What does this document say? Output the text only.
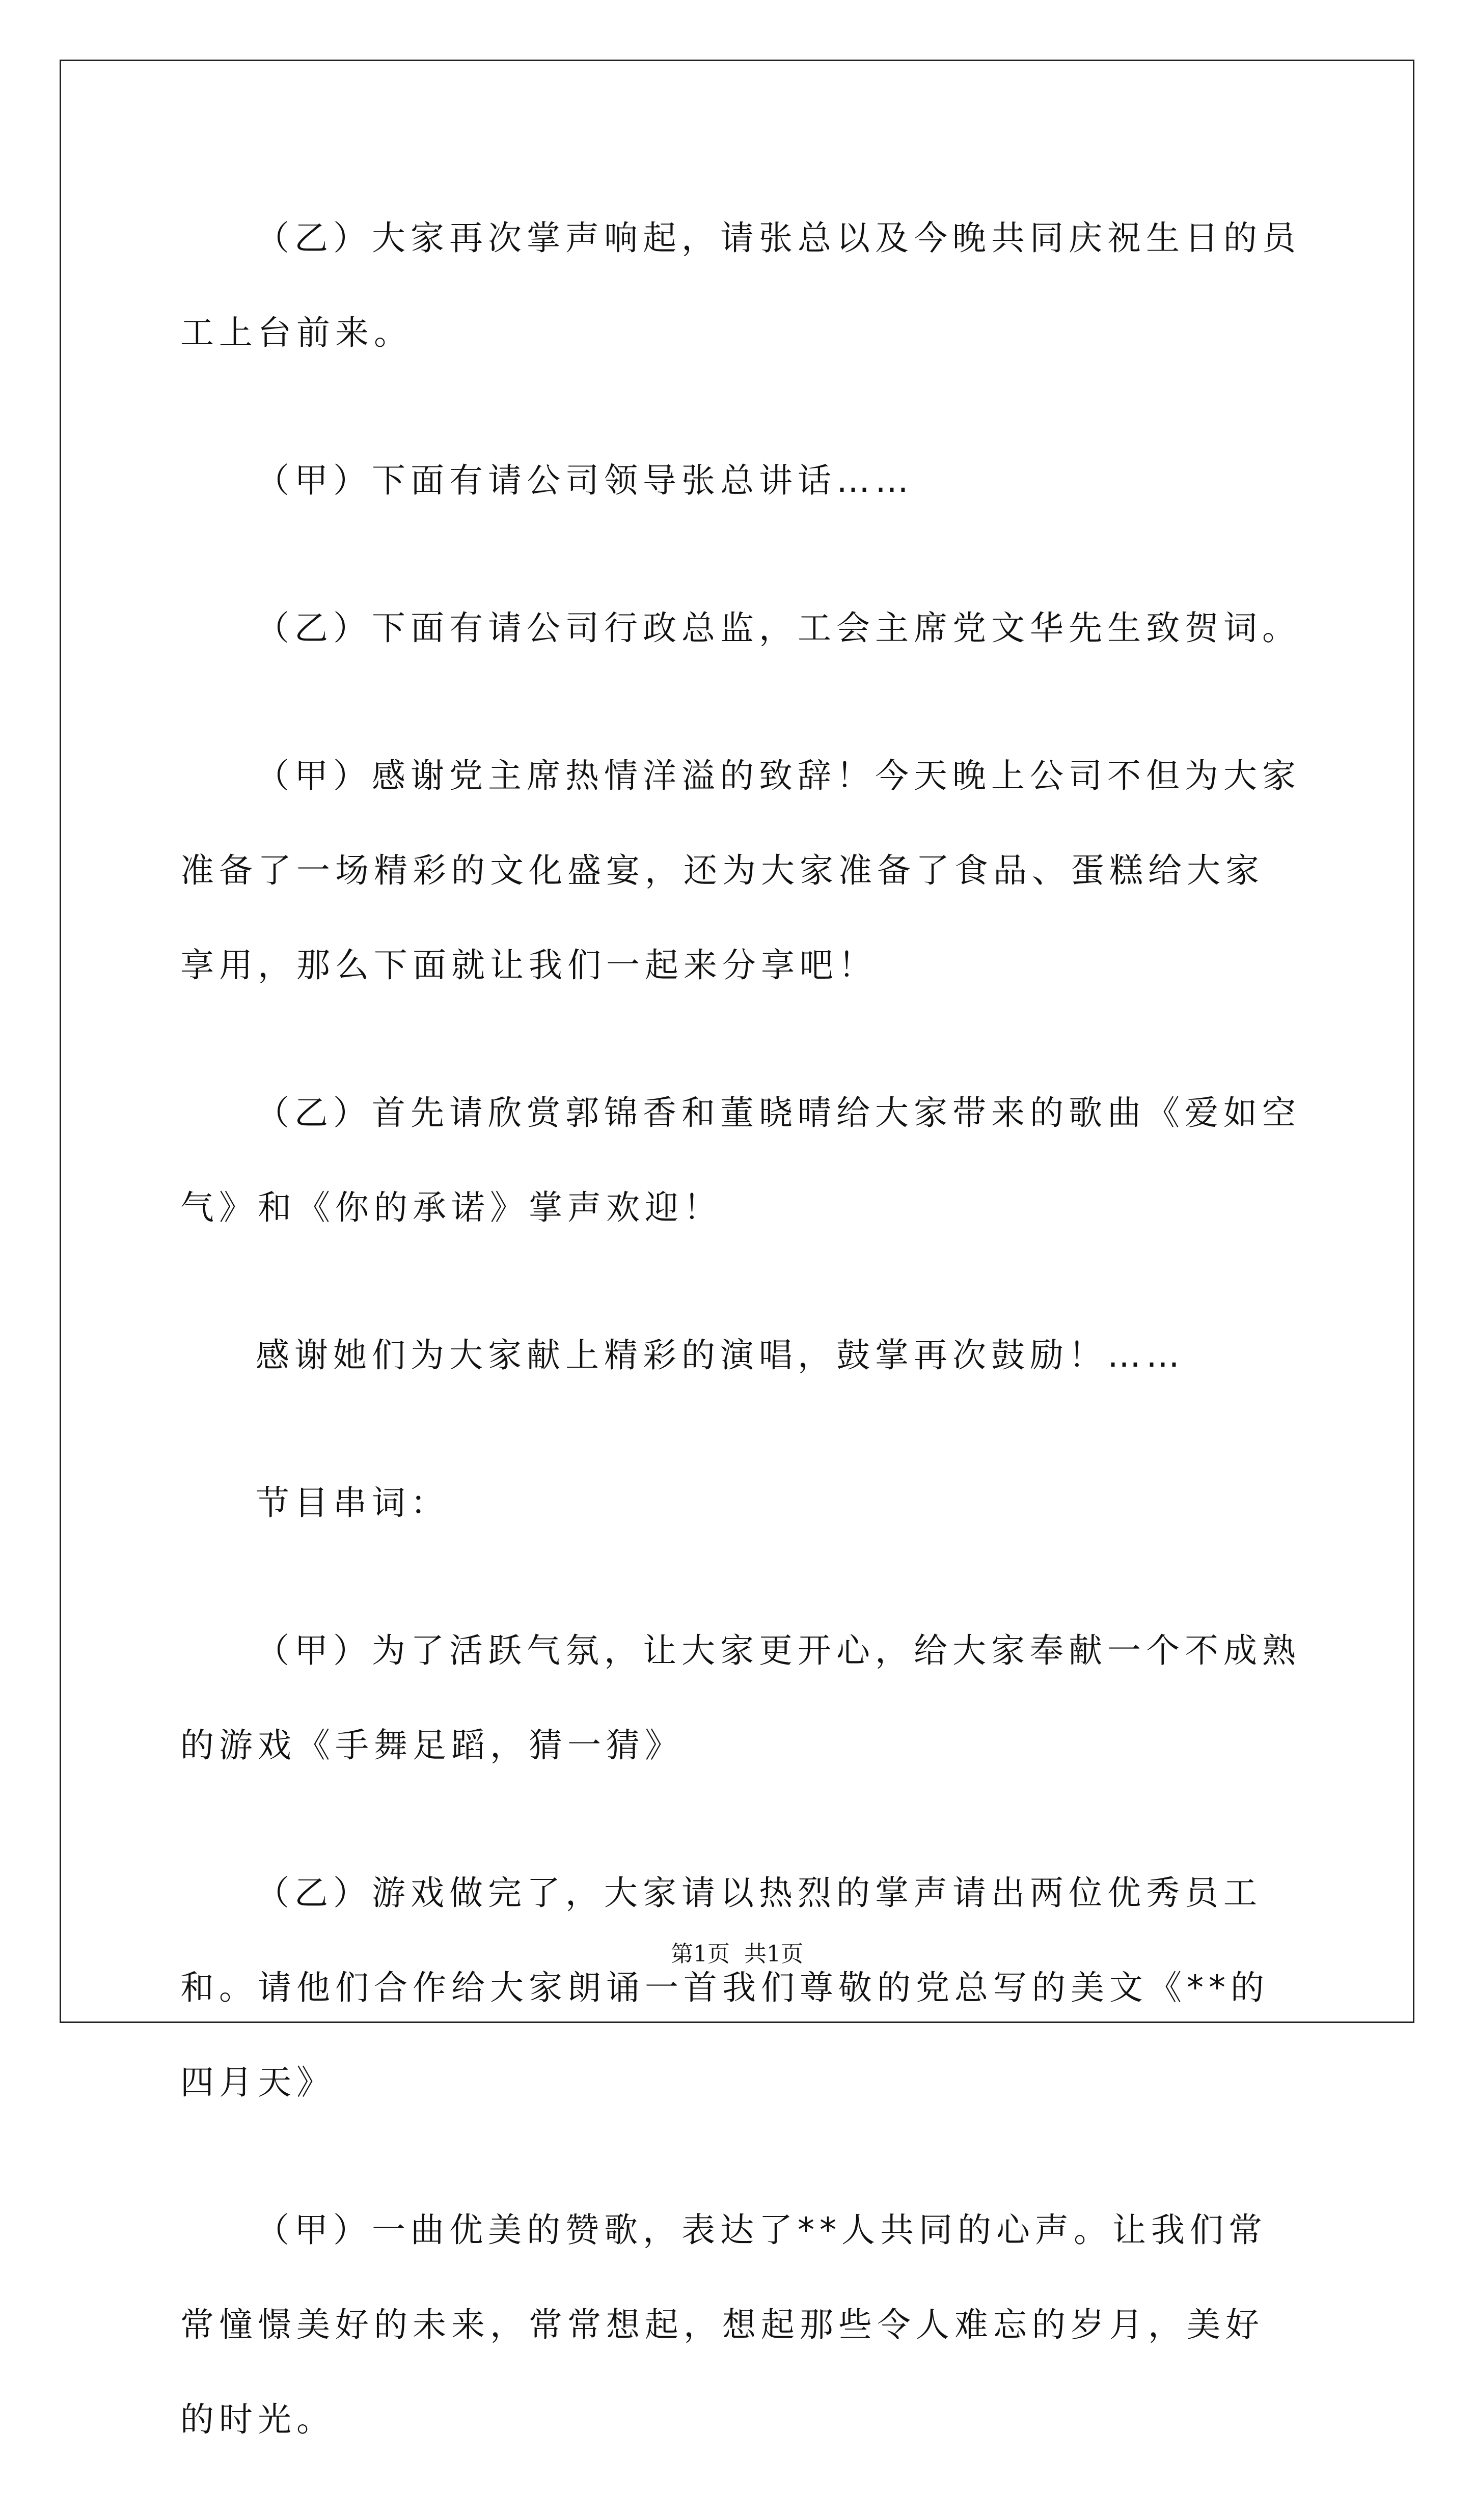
（乙）大家再次掌声响起，请张总以及今晚共同庆祝生日的员工上台前来。

（甲）下面有请公司领导张总讲话……

（乙）下面有请公司行政总监，工会主席党文华先生致贺词。

（甲）感谢党主席热情洋溢的致辞！今天晚上公司不但为大家准备了一场精彩的文化盛宴，还为大家准备了食品、蛋糕给大家享用，那么下面就让我们一起来分享吧！

（乙）首先请欣赏郭锦香和董晓晴给大家带来的歌曲《爱如空气》和《你的承诺》掌声欢迎！

感谢她们为大家献上精彩的演唱，鼓掌再次鼓励！……

节目串词：

（甲）为了活跃气氛，让大家更开心，给大家奉献一个不成熟的游戏《手舞足蹈，猜一猜》

（乙）游戏做完了，大家请以热烈的掌声请出两位优秀员工和。请他们合作给大家朗诵一首我们尊敬的党总写的美文《**的四月天》

（甲）一曲优美的赞歌，表达了**人共同的心声。让我们常常憧憬美好的未来，常常想起，想起那些令人难忘的岁月，美好的时光。

第1页  共1页
